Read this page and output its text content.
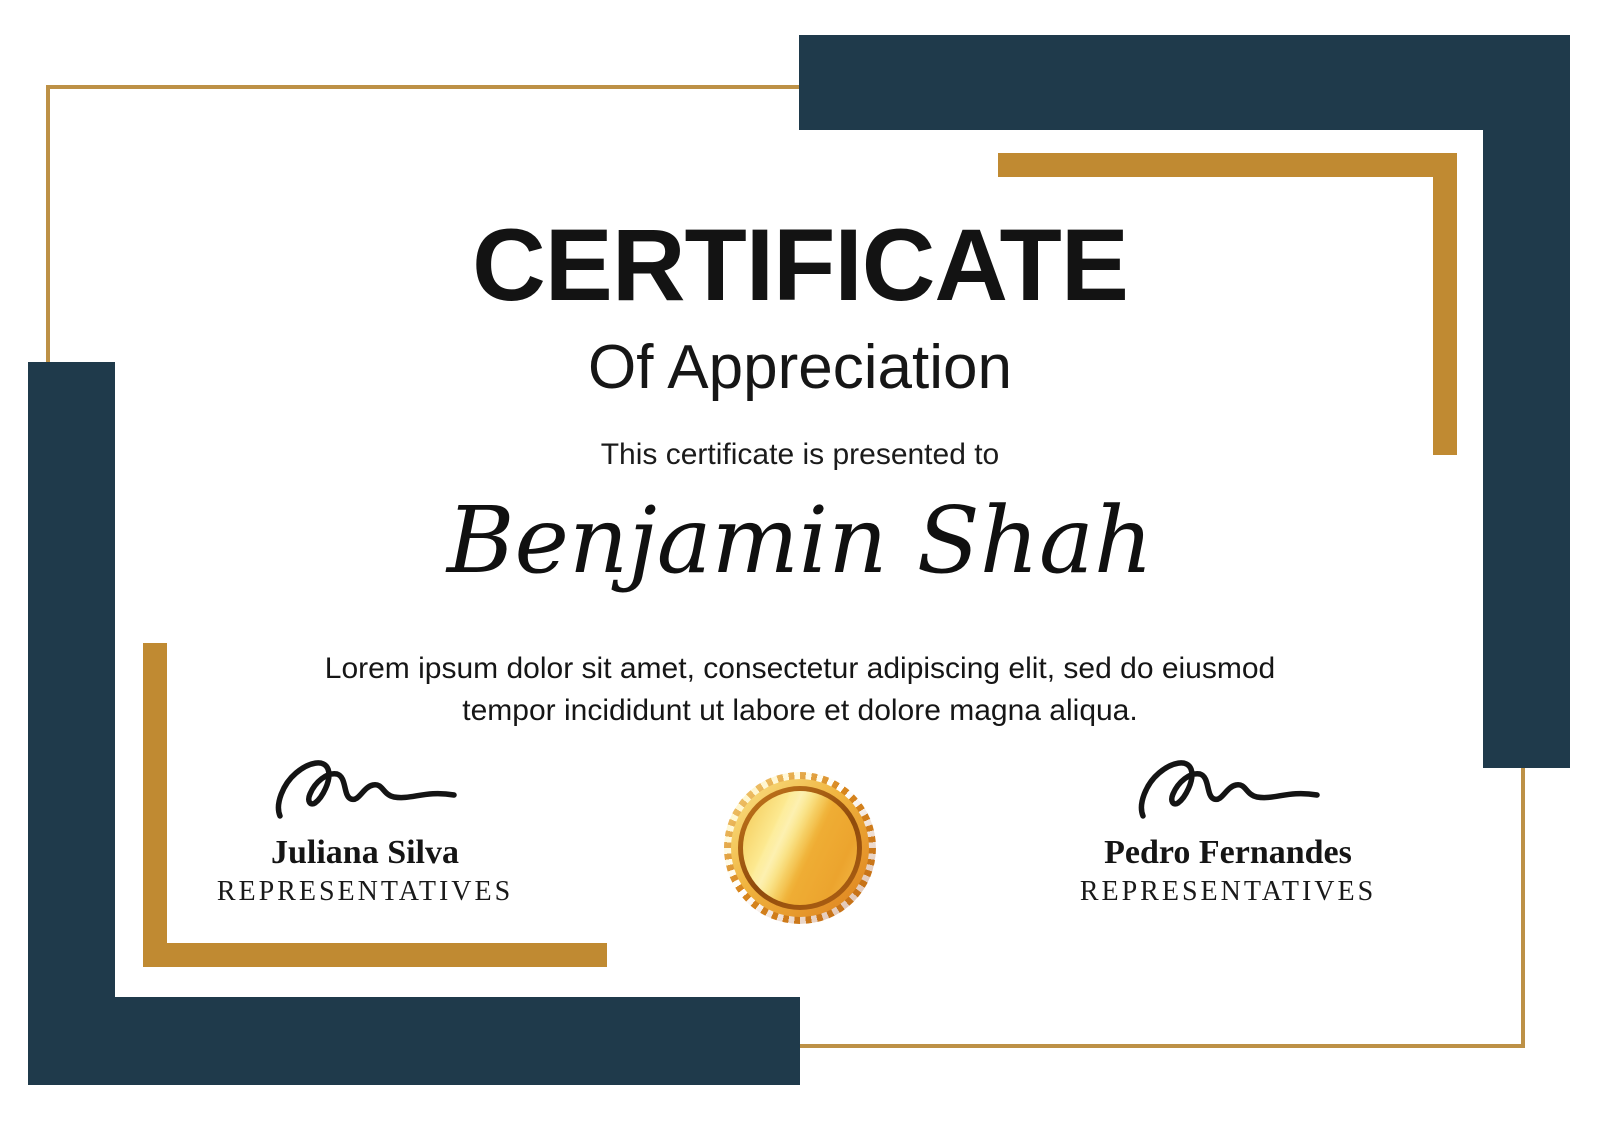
CERTIFICATE
Of Appreciation
This certificate is presented to
Benjamin Shah
Lorem ipsum dolor sit amet, consectetur adipiscing elit, sed do eiusmod
tempor incididunt ut labore et dolore magna aliqua.
Juliana Silva
REPRESENTATIVES
Pedro Fernandes
REPRESENTATIVES
